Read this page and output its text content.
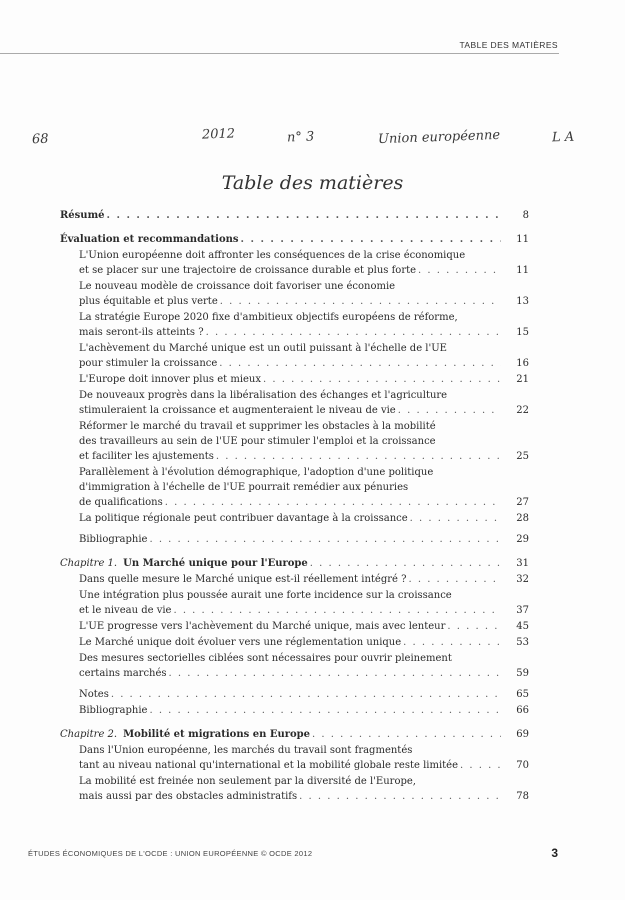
TABLE DES MATIÈRES
68	2012	n° 3	Union européenne	L A
Table des matières
Résumé . . .	8
Évaluation et recommandations . . .	11
L'Union européenne doit affronter les conséquences de la crise économique
et se placer sur une trajectoire de croissance durable et plus forte . . .	11
Le nouveau modèle de croissance doit favoriser une économie
plus équitable et plus verte . . .	13
La stratégie Europe 2020 fixe d'ambitieux objectifs européens de réforme,
mais seront-ils atteints ? . . .	15
L'achèvement du Marché unique est un outil puissant à l'échelle de l'UE
pour stimuler la croissance . . .	16
L'Europe doit innover plus et mieux . . .	21
De nouveaux progrès dans la libéralisation des échanges et l'agriculture
stimuleraient la croissance et augmenteraient le niveau de vie . . .	22
Réformer le marché du travail et supprimer les obstacles à la mobilité
des travailleurs au sein de l'UE pour stimuler l'emploi et la croissance
et faciliter les ajustements . . .	25
Parallèlement à l'évolution démographique, l'adoption d'une politique
d'immigration à l'échelle de l'UE pourrait remédier aux pénuries
de qualifications . . .	27
La politique régionale peut contribuer davantage à la croissance . . .	28
Bibliographie . . .	29
Chapitre 1. Un Marché unique pour l'Europe . . .	31
Dans quelle mesure le Marché unique est-il réellement intégré ? . . .	32
Une intégration plus poussée aurait une forte incidence sur la croissance
et le niveau de vie . . .	37
L'UE progresse vers l'achèvement du Marché unique, mais avec lenteur . . .	45
Le Marché unique doit évoluer vers une réglementation unique . . .	53
Des mesures sectorielles ciblées sont nécessaires pour ouvrir pleinement
certains marchés . . .	59
Notes . . .	65
Bibliographie . . .	66
Chapitre 2. Mobilité et migrations en Europe . . .	69
Dans l'Union européenne, les marchés du travail sont fragmentés
tant au niveau national qu'international et la mobilité globale reste limitée . . .	70
La mobilité est freinée non seulement par la diversité de l'Europe,
mais aussi par des obstacles administratifs . . .	78
ÉTUDES ÉCONOMIQUES DE L'OCDE : UNION EUROPÉENNE © OCDE 2012	3
